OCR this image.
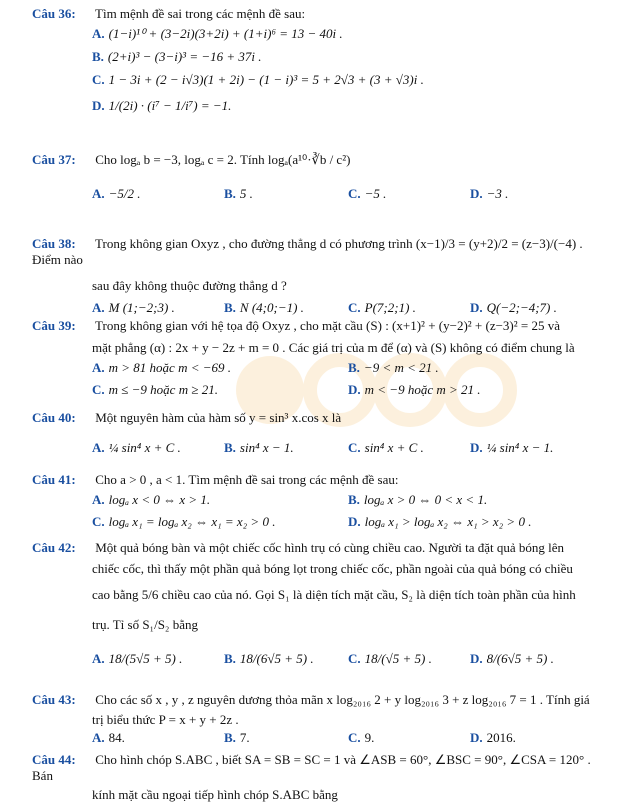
Câu 36: Tìm mệnh đề sai trong các mệnh đề sau:
A. (1−i)¹⁰ + (3−2i)(3+2i) + (1+i)⁶ = 13 − 40i .
B. (2+i)³ − (3−i)³ = −16 + 37i .
C. 1 − 3i + (2 − i√3)(1 + 2i) − (1 − i)³ = 5 + 2√3 + (3 + √3)i .
D. 1/(2i) · (i⁷ − 1/i⁷) = −1.
Câu 37: Cho logₐ b = −3, logₐ c = 2. Tính logₐ(a¹⁰·∛b / c²)
A. −5/2 .	B. 5 .	C. −5 .	D. −3 .
Câu 38: Trong không gian Oxyz , cho đường thẳng d có phương trình (x−1)/3 = (y+2)/2 = (z−3)/(−4) . Điểm nào
sau đây không thuộc đường thẳng d ?
A. M (1;−2;3) .	B. N (4;0;−1) .	C. P(7;2;1) .	D. Q(−2;−4;7) .
Câu 39: Trong không gian với hệ tọa độ Oxyz , cho mặt cầu (S) : (x+1)² + (y−2)² + (z−3)² = 25 và
mặt phẳng (α) : 2x + y − 2z + m = 0 . Các giá trị của m để (α) và (S) không có điểm chung là
A. m > 81 hoặc m < −69 .	B. −9 < m < 21 .
C. m ≤ −9 hoặc m ≥ 21.	D. m < −9 hoặc m > 21 .
Câu 40: Một nguyên hàm của hàm số y = sin³ x.cos x là
A. ¼ sin⁴ x + C .	B. sin⁴ x − 1.	C. sin⁴ x + C .	D. ¼ sin⁴ x − 1.
Câu 41: Cho a > 0 , a < 1. Tìm mệnh đề sai trong các mệnh đề sau:
A. logₐ x < 0 ⇔ x > 1.	B. logₐ x > 0 ⇔ 0 < x < 1.
C. logₐ x₁ = logₐ x₂ ⇔ x₁ = x₂ > 0 .	D. logₐ x₁ > logₐ x₂ ⇔ x₁ > x₂ > 0 .
Câu 42: Một quả bóng bàn và một chiếc cốc hình trụ có cùng chiều cao. Người ta đặt quả bóng lên
chiếc cốc, thì thấy một phần quả bóng lọt trong chiếc cốc, phần ngoài của quả bóng có chiều
cao bằng 5/6 chiều cao của nó. Gọi S₁ là diện tích mặt cầu, S₂ là diện tích toàn phần của hình
trụ. Tỉ số S₁/S₂ bằng
A. 18/(5√5 + 5) .	B. 18/(6√5 + 5) .	C. 18/(√5 + 5) .	D. 8/(6√5 + 5) .
Câu 43: Cho các số x , y , z nguyên dương thỏa mãn x log₂₀₁₆ 2 + y log₂₀₁₆ 3 + z log₂₀₁₆ 7 = 1 . Tính giá
trị biểu thức P = x + y + 2z .
A. 84.	B. 7.	C. 9.	D. 2016.
Câu 44: Cho hình chóp S.ABC , biết SA = SB = SC = 1 và ∠ASB = 60°, ∠BSC = 90°, ∠CSA = 120° . Bán
kính mặt cầu ngoại tiếp hình chóp S.ABC bằng
